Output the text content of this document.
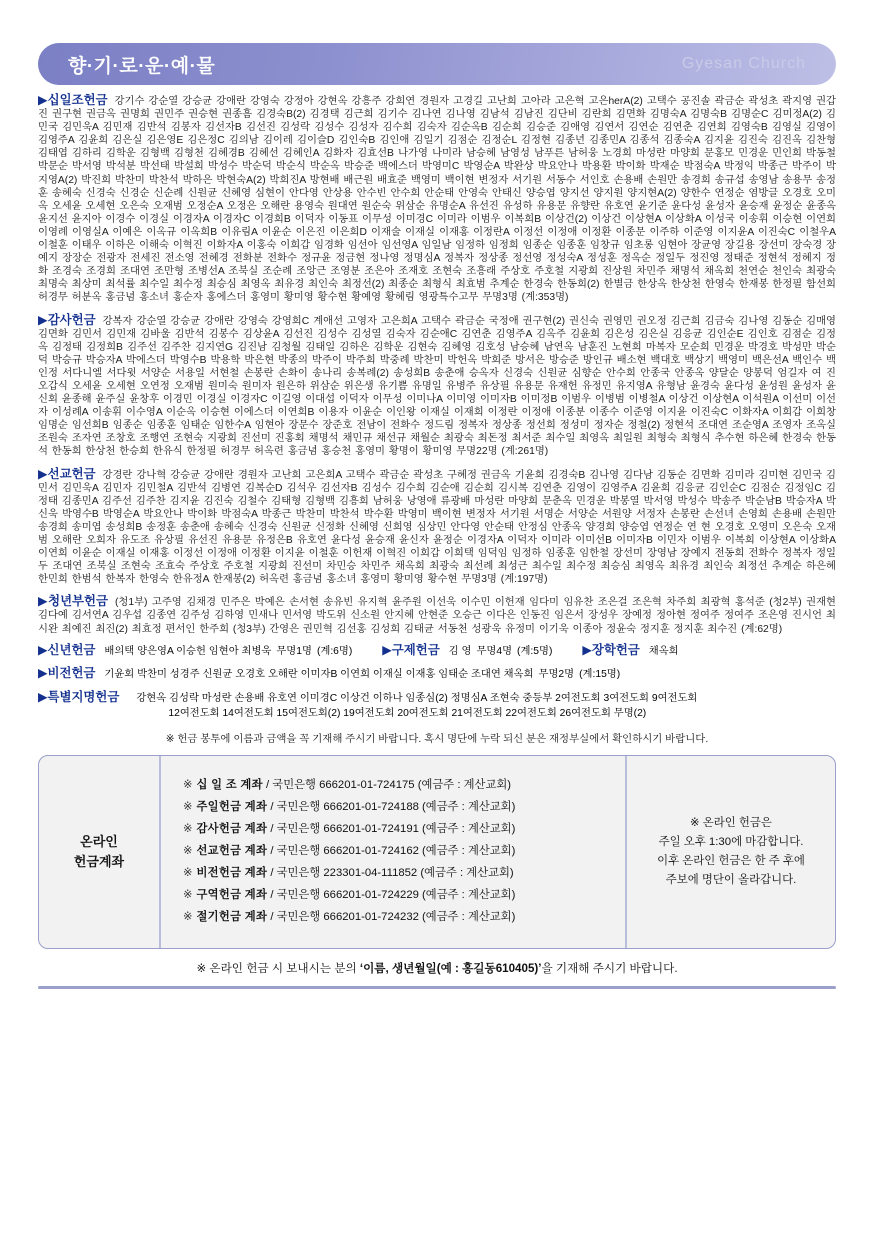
향·기·로·운·예·물	Gyesan Church
▶십일조헌금 강기수 강순열 강승균 강애란 강영숙 강정아 강현옥 강흥주 강희연 경원자 고경길 고난희 고아라 고은혁 고은herA(2) 고택수 공진솔 곽금순 곽성초 곽지영 권갑진 권구현 권금옥 권명희 권민주 권승현 권종흠 김경숙B(2) 김경택 김근희 김기수 김나연 김나영 김남석 김남진 김단비 김란희 김면화 김명숙A 김명숙B 김명순C 김미정A(2) 김민국 김민욱A 김민재 김반석 김봉자 김선자B 김선진 김성락 김성수 김성자 김수희 김숙자 김순옥B 김순희 김승준 김애영 김연서 김연순 김연춘 김연희 김영숙B 김영실 김영이 김영주A 김윤희 김은실 김은영E 김은정C 김의남 김이레 김이슬D 김인숙B 김인애 김일기 김점순 김정순L 김정현 김종년 김종민A 김종석 김종숙A 김지윤 김진숙 김진옥 김찬형 김태엽 김하리 김학운 김형백 김형천 김혜경B 김혜선 김혜인A 김화자 김효선B 나가영 나미라 남승혜 남영성 남푸른 남허웅 노경희 마성란 마양희 문홍모 민경운 민인희 박동철 박문순 박서영 박석분 박선태 박설희 박성수 박순덕 박순식 박순옥 박승준 백에스더 박영미C 박영순A 박완상 박요안나 박용환 박이화 박재순 박점숙A 박정익 박종근 박주이 박지영A(2) 박진희 박찬미 박찬석 박하은 박현숙A(2) 박희진A 방현배 배근원 배효준 백영미 백이현 변정자 서기원 서동수 서인호 손용배 손원만 송경희 송규섭 송영남 송용무 송정훈 송혜숙 신경숙 신경순 신순례 신원균 신혜영 심현이 안다영 안상용 안수빈 안수희 안순태 안영숙 안태신 양승엽 양지선 양지원 양지현A(2) 양한수 연정순 염방글 오경호 오미옥 오세윤 오세현 오은숙 오재범 오정순A 오정은 오해란 용영숙 원대연 원순숙 위삼순 유명순A 유선진 유성하 유용문 유향란 유호연 윤기준 윤다성 윤성자 윤승재 윤정순 윤종옥 윤지선 윤지아 이경수 이경실 이경자A 이경자C 이경희B 이덕자 이동표 이무성 이미경C 이미라 이범우 이복희B 이상건(2) 이상건 이상현A 이상화A 이성국 이송휘 이승현 이연희 이영례 이영실A 이예은 이옥규 이옥희B 이유림A 이윤순 이은진 이은희D 이재술 이재실 이재홍 이정란A 이정선 이정애 이정환 이종문 이주하 이준영 이지윤A 이진숙C 이철우A 이철훈 이태우 이하은 이해숙 이혁진 이화자A 이홍숙 이희갑 임경화 임선아 임선영A 임일남 임정하 임정희 임종순 임종훈 임창규 임초롱 임현아 장균영 장길용 장선미 장숙경 장예지 장장순 전광자 전세진 전소영 전혜경 전화분 전화수 정규윤 정금현 정나영 정명심A 정복자 정상종 정선영 정성숙A 정성훈 정옥순 정일두 정진영 정태준 정현석 정혜지 정 화 조경숙 조경희 조대연 조만형 조병선A 조북실 조순례 조앙근 조영분 조은아 조재호 조현숙 조흥래 주상호 주호철 지광희 진상원 차민주 채명석 채옥희 천연순 천인숙 최광숙 최명숙 최상미 최석률 최수일 최수정 최승심 최영옥 최유경 최인숙 최정선(2) 최종순 최형식 최효범 추계순 한경숙 한동희(2) 한별금 한상옥 한상천 한영숙 한재봉 한정필 함선희 허경무 허분옥 홍금념 홍소녀 홍순자 홍에스더 홍영미 황미영 황수현 황예영 황혜림 영광특수고무 무명3명 (계:353명)
▶감사헌금 강복자 강순열 강승균 강애란 강영숙 강영희C 계애선 고영자 고은희A 고택수 곽금순 국정애 권구현(2) 권신숙 권영민 권오정 김근희 김금숙 김나영 김동순 김매영 김면화 김민서 김민재 김바울 김반석 김봉수 김상윤A 김선진 김성수 김성열 김숙자 김순애C 김연춘 김영주A 김옥주 김윤희 김은성 김은실 김응균 김인순E 김인호 김점순 김정옥 김정태 김정희B 김주선 김주찬 김지연G 김진남 김청월 김태일 김하은 김학운 김현숙 김혜영 김호성 남승혜 남연옥 남훈진 노현희 마복자 모순희 민경운 박경호 박성만 박순덕 박승규 박승자A 박에스더 박영수B 박용학 박은현 박종의 박주이 박주희 박중례 박찬미 박헌옥 박희준 방서은 방승준 방인규 배소현 백대호 백상기 백영미 백은선A 백인수 백인정 서다니엘 서다윗 서양순 서용일 서현철 손봉란 손화이 송나리 송복례(2) 송성희B 송춘애 승옥자 신경숙 신원균 심향순 안수희 안종국 안종옥 양달순 양봉덕 엄길자 여 진 오갑식 오세윤 오세현 오연정 오재범 원미숙 원미자 원은하 위삼순 위은생 유기쁨 유명일 유병주 유상필 유용문 유재헌 유정민 유지영A 유형남 윤경숙 윤다성 윤성원 윤성자 윤신회 윤종해 윤주실 윤창후 이경민 이경실 이경자C 이길영 이대섭 이덕자 이무성 이미나A 이미영 이미자B 이미정B 이범우 이병범 이병철A 이상건 이상현A 이석원A 이선미 이선자 이성례A 이송휘 이수영A 이순옥 이승현 이에스더 이연희B 이용자 이윤순 이인왕 이재실 이재희 이정란 이정애 이종분 이종수 이준영 이지윤 이진숙C 이화자A 이희갑 이희창 임명순 임선희B 임종순 임종훈 임태순 임한수A 임현아 장문수 장준호 전남이 전화수 정드림 정복자 정상종 정선희 정성미 정자순 정철(2) 정현석 조대연 조순영A 조영자 조옥실 조원숙 조자연 조창호 조행연 조현숙 지광희 진선미 진홍회 채명석 채민규 채선규 채월순 최광숙 최돈정 최서준 최수일 최영옥 최일원 최형숙 최형식 추수현 하은혜 한경숙 한동석 한동희 한상천 한승희 한유식 한정필 허경무 허옥련 홍금념 홍승천 홍영미 황명이 황미영 무명22명 (계:261명)
▶선교헌금 강경란 강나혁 강승균 강애란 경원자 고난희 고은희A 고택수 곽금순 곽성초 구혜정 권금옥 기윤희 김경숙B 김나영 김다남 김동순 김면화 김미라 김미현 김민국 김민서 김민욱A 김민자 김민철A 김반석 김병연 김복순D 김석우 김선자B 김성수 김수희 김순애 김순희 김시복 김연춘 김영이 김영주A 김윤희 김응균 김인순C 김점순 김정임C 김정태 김종민A 김주선 김주찬 김지윤 김진숙 김철수 김태형 김형백 김흥희 남허웅 낭영애 류광배 마성란 마양희 문춘옥 민경운 박봉열 박서영 박성수 박송주 박순남B 박승자A 박신욱 박영수B 박영순A 박요안나 박이화 박점숙A 박종근 박찬미 박찬석 박수환 박영미 백이현 변정자 서기원 서명순 서양순 서원양 서정자 손봉란 손선녀 손영희 손용배 손원만 송경희 송미엽 송성희B 송정훈 송춘애 송혜숙 신경숙 신원균 신정화 신혜영 신희영 심상민 안다영 안순태 안정심 안종옥 양경희 양승엽 연정순 연 현 오경호 오영미 오은숙 오재범 오해란 오희자 유도조 유상필 유선진 유용문 유정은B 유호연 윤다성 윤승재 윤신자 윤정순 이경자A 이덕자 이미라 이미선B 이미자B 이민자 이범우 이복희 이상현A 이상화A 이연희 이윤순 이재실 이재홍 이정선 이정애 이정환 이지윤 이철훈 이헌재 이혁진 이희갑 이희택 임덕임 임정하 임종훈 임한철 장선미 장영남 장예지 전동희 전화수 정복자 정일두 조대연 조북실 조현숙 조효숙 주상호 주호철 지광희 진선미 차민승 차민주 채옥희 최광숙 최선례 최성근 최수일 최수정 최승심 최영옥 최유경 최인숙 최정선 추계순 하은혜 한민희 한범석 한복자 한영숙 한유정A 한재봉(2) 허옥련 홍금념 홍소녀 홍영미 황미영 황수현 무명3명 (계:197명)
▶청년부헌금 (청1부) 고주영 김채경 민주은 박예은 손서현 송유빈 유지혁 윤주원 이선욱 이수민 이헌재 임다미 임유찬 조은걸 조은혁 차주희 최광혁 홍석준 (청2부) 권재현 김다예 김서연A 김우섭 김종연 김주성 김하영 민새나 민서영 박도위 신소원 안지혜 안현준 오승근 이다은 인동진 임은서 장성우 장예정 정아현 정여주 정여주 조은영 진시언 최시완 최예진 최진(2) 최효정 편서인 한주희 (청3부) 간영은 권민혁 김선홍 김성희 김태균 서동천 성광욱 유정미 이기욱 이종아 정윤숙 정지훈 정지훈 최수진 (계:62명)
▶신년헌금 배의택 양은영A 이승헌 임현아 최병욱 무명1명 (계:6명) ▶구제헌금 김 영 무명4명 (계:5명) ▶장학헌금 채옥희
▶비전헌금 기윤회 박찬미 성경주 신원균 오경호 오해란 이미자B 이연희 이재실 이재홍 임태순 조대연 채옥희 무명2명 (계:15명)
▶특별지명헌금	강현옥 김성락 마성란 손용배 유호연 이미경C 이상건 이하나 임종심(2) 정명심A 조현숙 중등부 2여전도회 3여전도회 9여전도회
12여전도회 14여전도회 15여전도회(2) 19여전도회 20여전도회 21여전도회 22여전도회 26여전도회 무명(2)
※ 헌금 봉투에 이름과 금액을 꼭 기재해 주시기 바랍니다. 혹시 명단에 누락 되신 분은 재정부실에서 확인하시기 바랍니다.
온라인
헌금계좌
※ 십 일 조 계좌 / 국민은행 666201-01-724175 (예금주 : 계산교회)
※ 주일헌금 계좌 / 국민은행 666201-01-724188 (예금주 : 계산교회)
※ 감사헌금 계좌 / 국민은행 666201-01-724191 (예금주 : 계산교회)
※ 선교헌금 계좌 / 국민은행 666201-01-724162 (예금주 : 계산교회)
※ 비전헌금 계좌 / 국민은행 223301-04-111852 (예금주 : 계산교회)
※ 구역헌금 계좌 / 국민은행 666201-01-724229 (예금주 : 계산교회)
※ 절기헌금 계좌 / 국민은행 666201-01-724232 (예금주 : 계산교회)
※ 온라인 헌금은
주일 오후 1:30에 마감합니다.
이후 온라인 헌금은 한 주 후에
주보에 명단이 올라갑니다.
※ 온라인 헌금 시 보내시는 분의 ‘이름, 생년월일(예 : 홍길동610405)’을 기재해 주시기 바랍니다.
